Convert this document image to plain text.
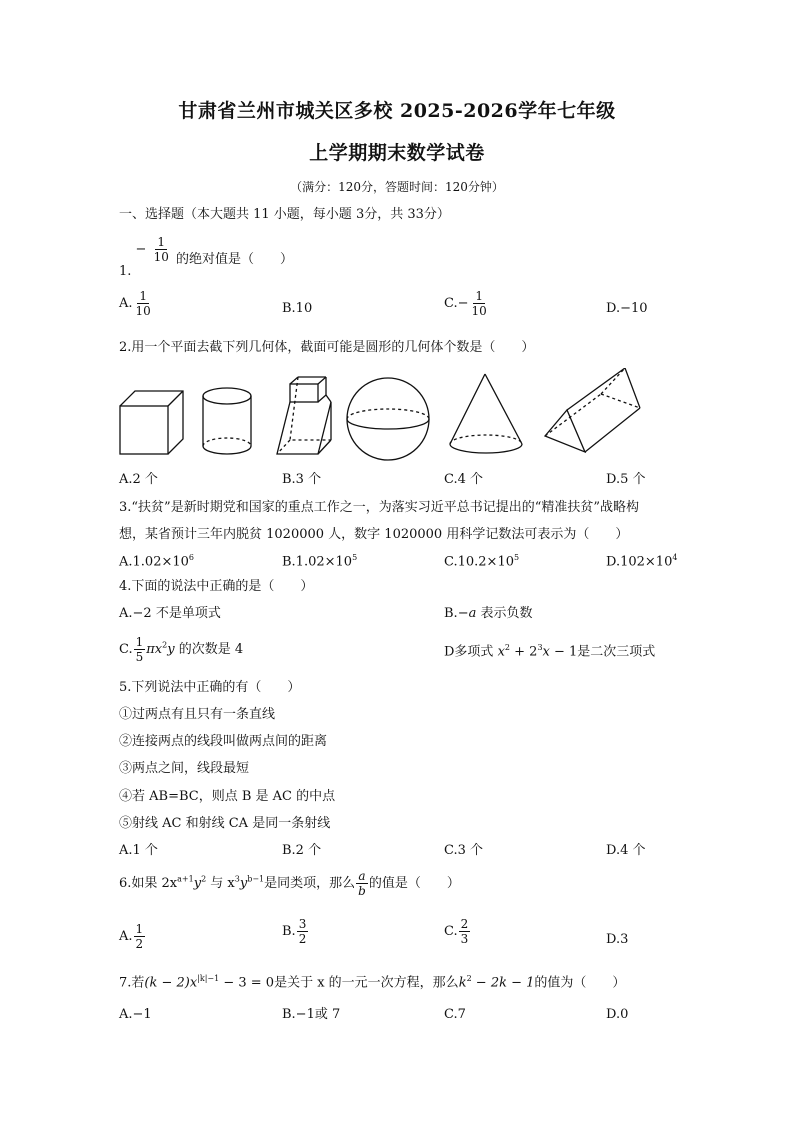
甘肃省兰州市城关区多校 2025-2026学年七年级
上学期期末数学试卷
（满分：120分，答题时间：120分钟）
一、选择题（本大题共 11 小题，每小题 3分，共 33分）
1. − $\frac{1}{10}$ 的绝对值是（　　）
A. $\frac{1}{10}$	B.10	$C.- \frac{1}{10}$	D.−10
2.用一个平面去截下列几何体，截面可能是圆形的几何体个数是（　　）
A.2 个	B.3 个	C.4 个	D.5 个
3.“扶贫”是新时期党和国家的重点工作之一，为落实习近平总书记提出的“精准扶贫”战略构
想，某省预计三年内脱贫 1020000 人，数字 1020000 用科学记数法可表示为（　　）
$A.1.02\times 10^6$	$B.1.02\times 10^5$	$C.10.2\times 10^5$	$D.102\times 10^4$
4.下面的说法中正确的是（　　）
A.−2 不是单项式	B.−a 表示负数
C. $\frac{1}{5} \pi x^2y$ 的次数是 4	D多项式 $x^2 + 2^3x - 1$是二次三项式
5.下列说法中正确的有（　　）
①过两点有且只有一条直线
②连接两点的线段叫做两点间的距离
③两点之间，线段最短
④若 AB=BC，则点 B 是 AC 的中点
⑤射线 AC 和射线 CA 是同一条射线
A.1 个	B.2 个	C.3 个	D.4 个
6.如果 $2x^{a+1}y^2$ 与 $x^3y^{b-1}$是同类项，那么 $\frac{a}{b}$ 的值是（　　）
A. $\frac{1}{2}$	B. $\frac{3}{2}$	C. $\frac{2}{3}$	D.3
7.若$(k - 2)x^{|k|-1} - 3 = 0$是关于 x 的一元一次方程，那么$k^2 - 2k - 1$的值为（　　）
A.−1	B.−1或 7	C.7	D.0
